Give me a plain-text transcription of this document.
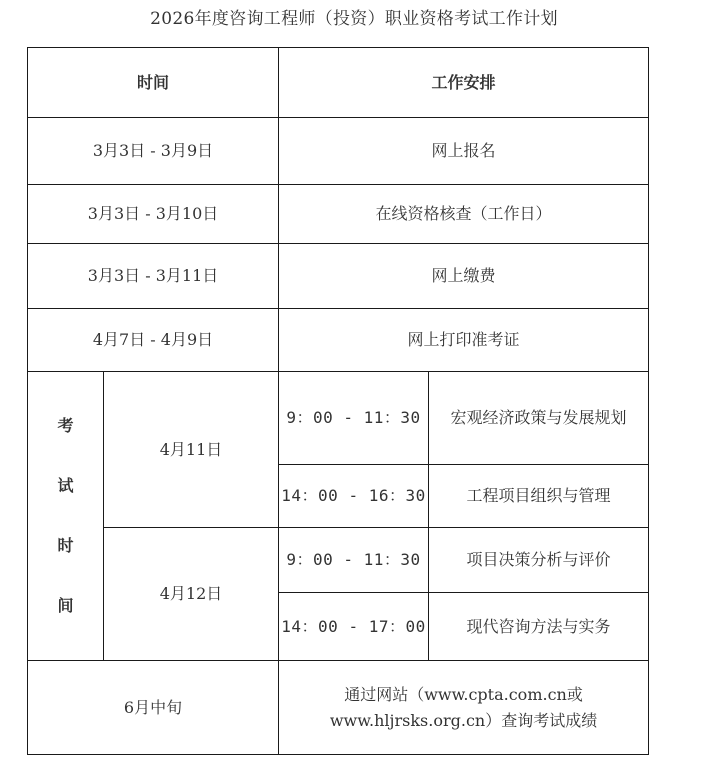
2026年度咨询工程师（投资）职业资格考试工作计划
时间		工作安排	
3月3日 - 3月9日		网上报名	
3月3日 - 3月10日		在线资格核查（工作日）	
3月3日 - 3月11日		网上缴费	
4月7日 - 4月9日		网上打印准考证	

考
试
时
间	4月11日	9：00 - 11：30	宏观经济政策与发展规划
		14：00 - 16：30	工程项目组织与管理
	4月12日	9：00 - 11：30	项目决策分析与评价
		14：00 - 17：00	现代咨询方法与实务
6月中旬		通过网站（www.cpta.com.cn或
www.hljrsks.org.cn）查询考试成绩	
